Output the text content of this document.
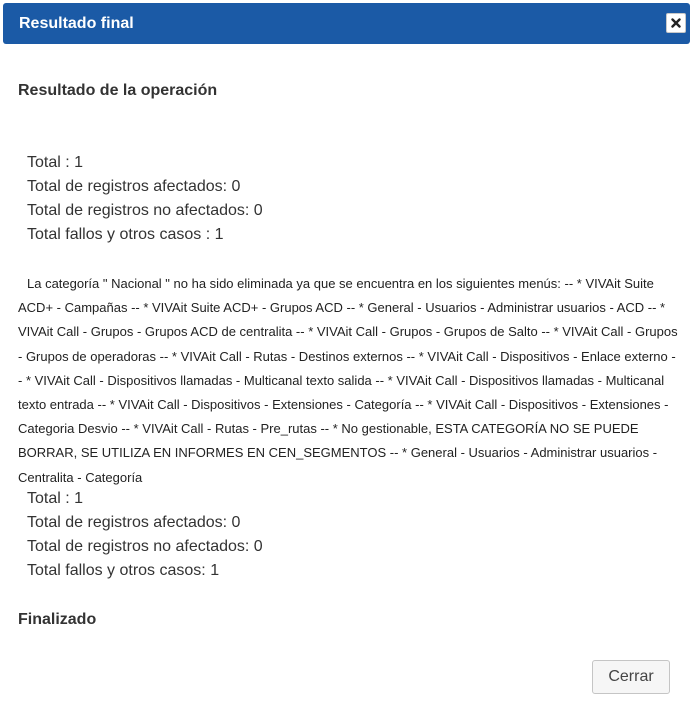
Resultado final
Resultado de la operación
Total : 1
Total de registros afectados: 0
Total de registros no afectados: 0
Total fallos y otros casos : 1

La categoría " Nacional " no ha sido eliminada ya que se encuentra en los siguientes menús: -- * VIVAit Suite ACD+ - Campañas -- * VIVAit Suite ACD+ - Grupos ACD -- * General - Usuarios - Administrar usuarios - ACD -- * VIVAit Call - Grupos - Grupos ACD de centralita -- * VIVAit Call - Grupos - Grupos de Salto -- * VIVAit Call - Grupos - Grupos de operadoras -- * VIVAit Call - Rutas - Destinos externos -- * VIVAit Call - Dispositivos - Enlace externo -- * VIVAit Call - Dispositivos llamadas - Multicanal texto salida -- * VIVAit Call - Dispositivos llamadas - Multicanal texto entrada -- * VIVAit Call - Dispositivos - Extensiones - Categoría -- * VIVAit Call - Dispositivos - Extensiones - Categoria Desvio -- * VIVAit Call - Rutas - Pre_rutas -- * No gestionable, ESTA CATEGORÍA NO SE PUEDE BORRAR, SE UTILIZA EN INFORMES EN CEN_SEGMENTOS -- * General - Usuarios - Administrar usuarios - Centralita - Categoría

Total : 1
Total de registros afectados: 0
Total de registros no afectados: 0
Total fallos y otros casos: 1
Finalizado
Cerrar
